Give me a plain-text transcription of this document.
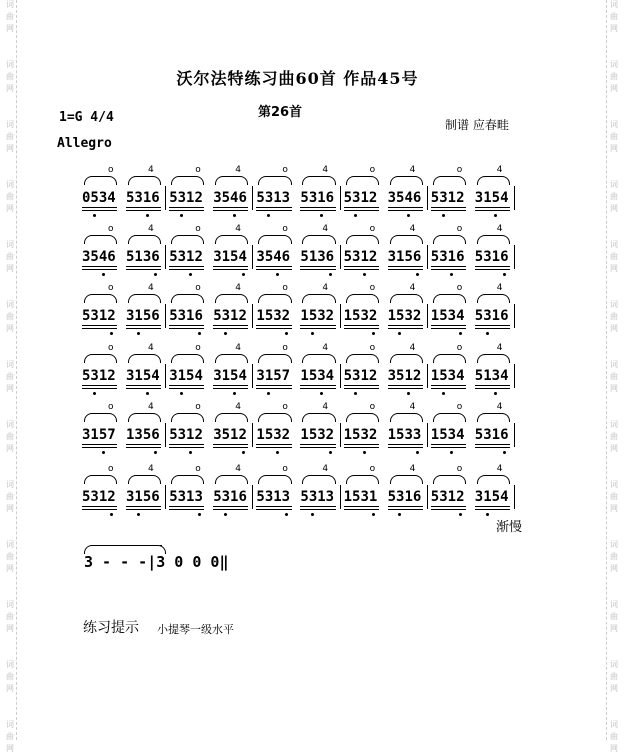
词
曲
网
词
曲
网
词
曲
网
词
曲
网
词
曲
网
词
曲
网
词
曲
网
词
曲
网
词
曲
网
词
曲
网
词
曲
网
词
曲
网
词
曲
网
词
曲
网
词
曲
网
词
曲
网
词
曲
网
词
曲
网
词
曲
网
词
曲
网
词
曲
网
词
曲
网
词
曲
网
词
曲
网
词
曲
网
词
曲
网
沃尔法特练习曲60首 作品45号
第26首
1=G 4/4
Allegro
制谱 应春畦
0534 5316
o	4
5312 3546
o	4
5313 5316
o	4
5312 3546
o	4
5312 3154
o	4
3546 5136
o	4
5312 3154
o	4
3546 5136
o	4
5312 3156
o	4
5316 5316
o	4
5312 3156
o	4
5316 5312
o	4
1532 1532
o	4
1532 1532
o	4
1534 5316
o	4
5312 3154
o	4
3154 3154
o	4
3157 1534
o	4
5312 3512
o	4
1534 5134
o	4
3157 1356
o	4
5312 3512
o	4
1532 1532
o	4
1532 1533
o	4
1534 5316
o	4
5312 3156
o	4
5313 5316
o	4
5313 5313
o	4
1531 5316
o	4
5312 3154
o	4
渐慢
3 - - -|3 0 0 0‖
练习提示 小提琴一级水平
